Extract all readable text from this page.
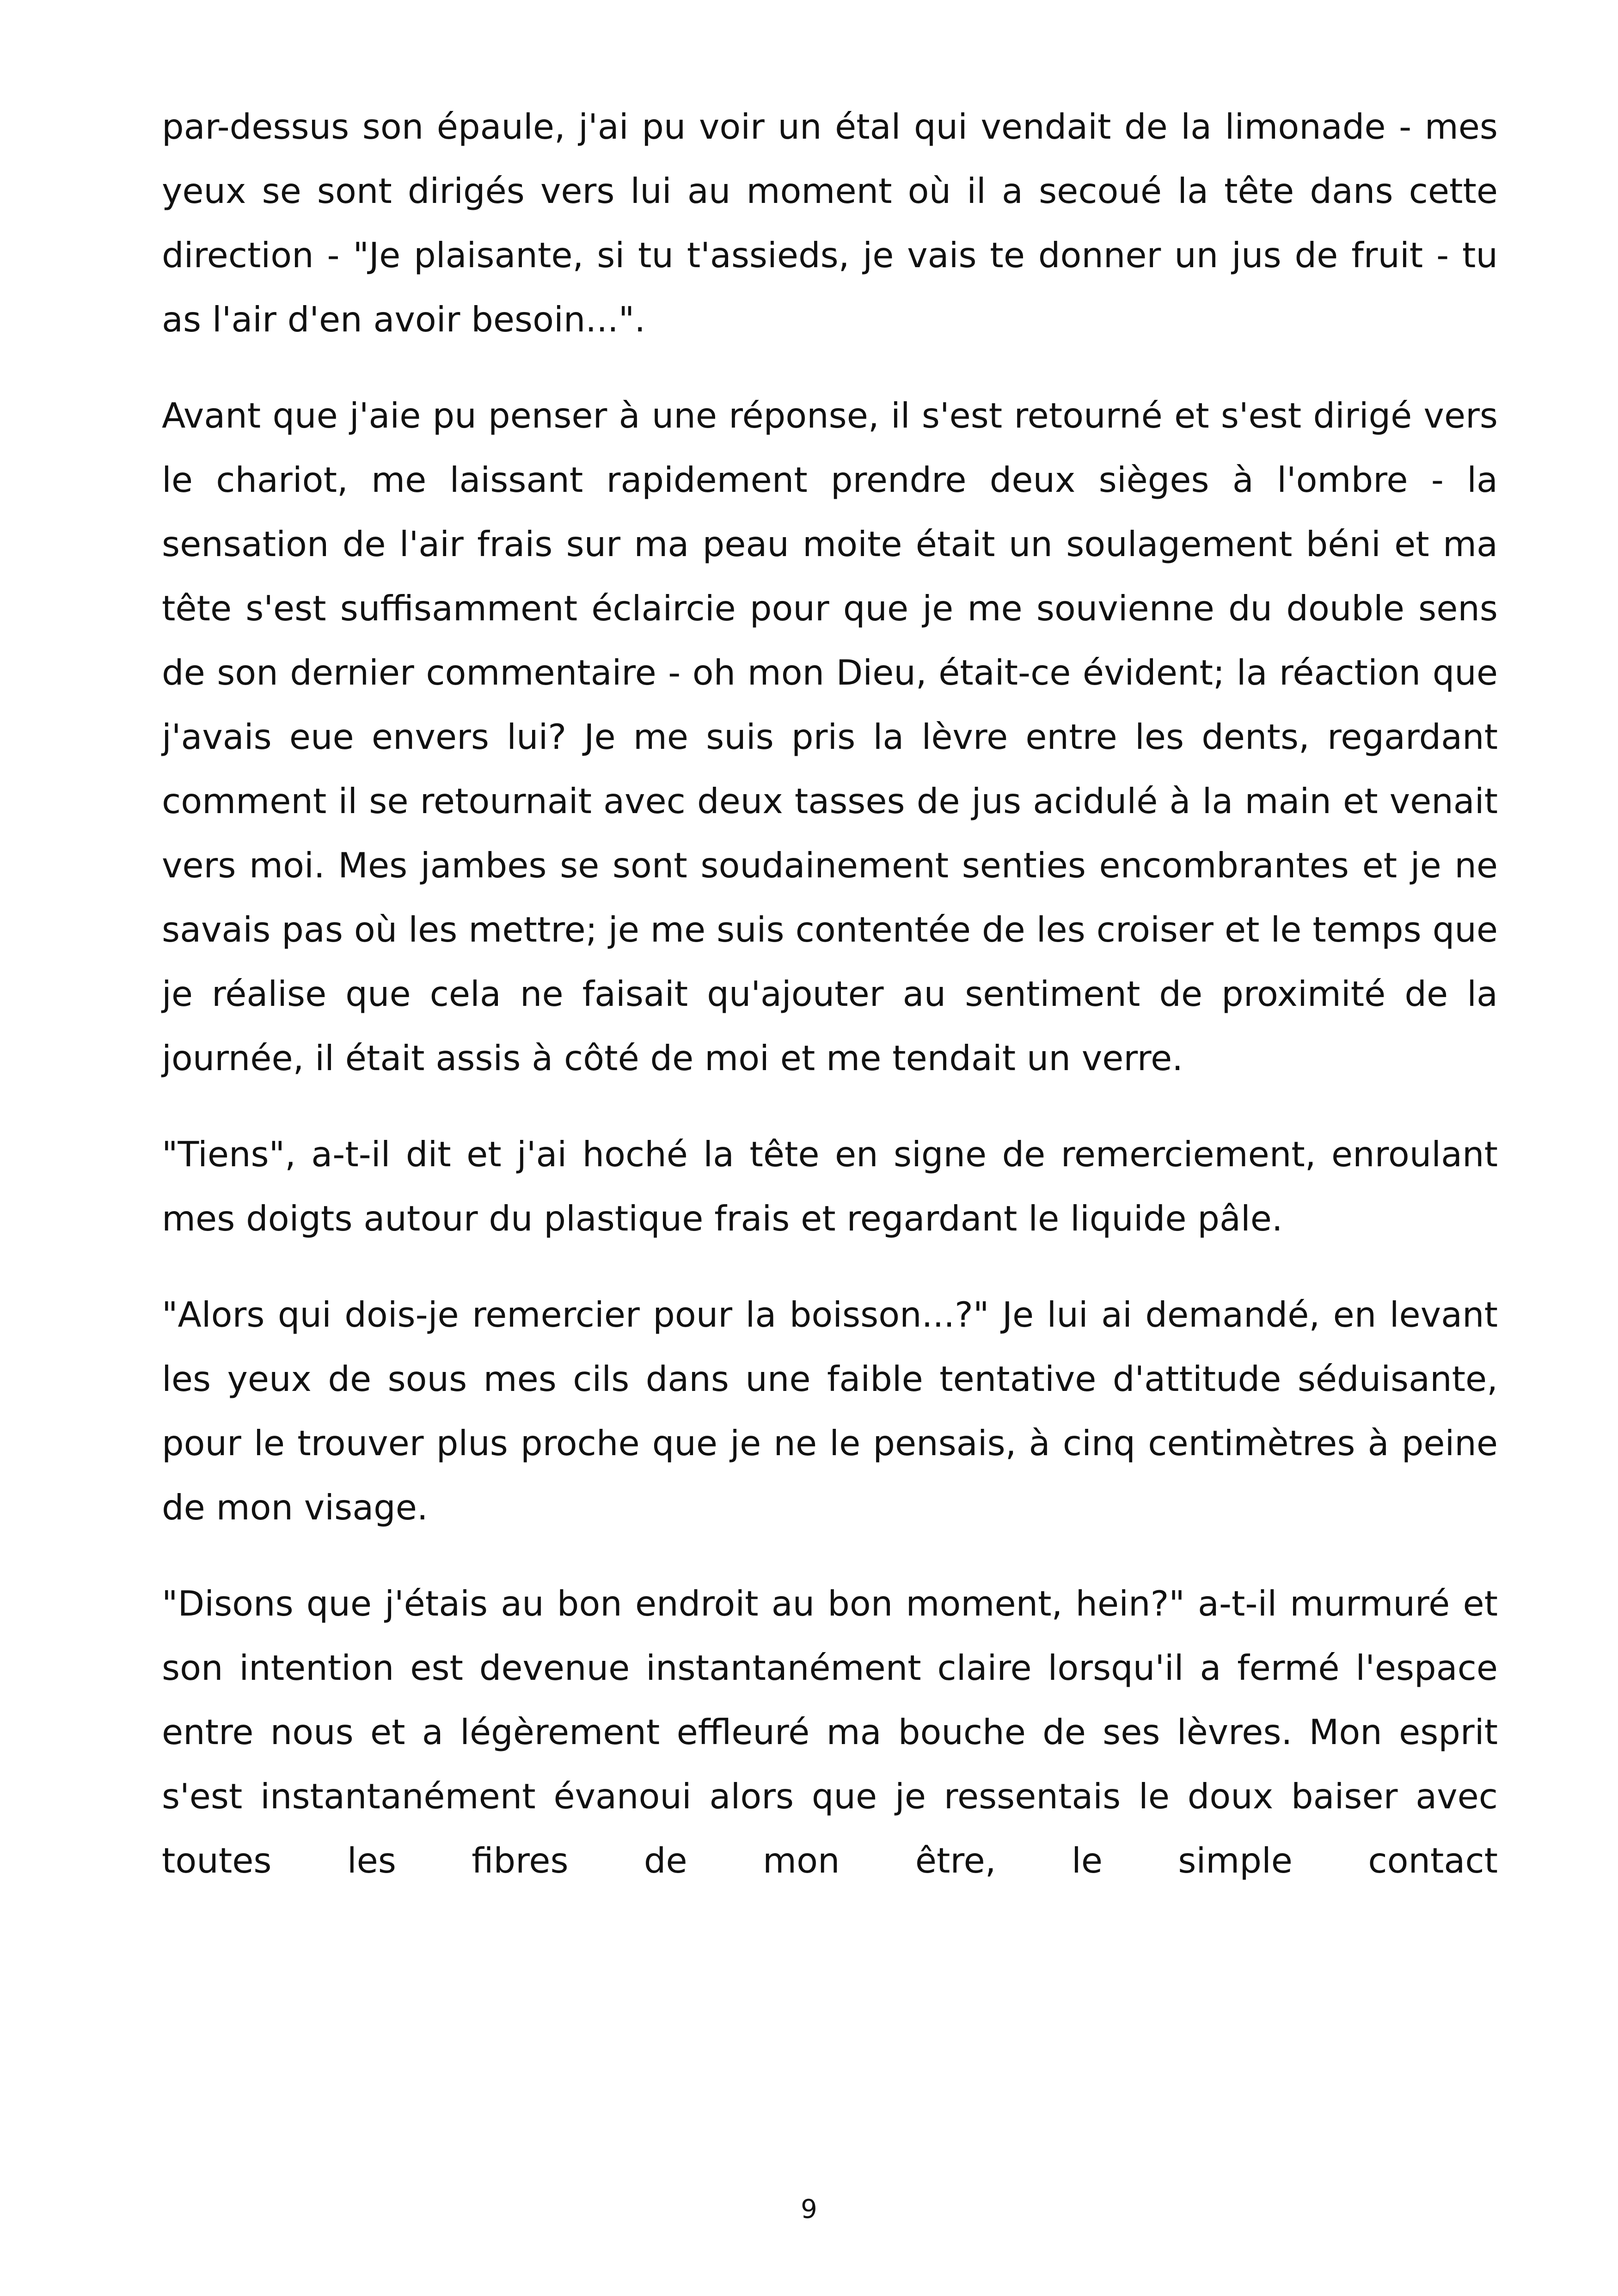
par-dessus son épaule, j'ai pu voir un étal qui vendait de la limonade - mes yeux se sont dirigés vers lui au moment où il a secoué la tête dans cette direction - "Je plaisante, si tu t'assieds, je vais te donner un jus de fruit - tu as l'air d'en avoir besoin...".

Avant que j'aie pu penser à une réponse, il s'est retourné et s'est dirigé vers le chariot, me laissant rapidement prendre deux sièges à l'ombre - la sensation de l'air frais sur ma peau moite était un soulagement béni et ma tête s'est suffisamment éclaircie pour que je me souvienne du double sens de son dernier commentaire - oh mon Dieu, était-ce évident; la réaction que j'avais eue envers lui? Je me suis pris la lèvre entre les dents, regardant comment il se retournait avec deux tasses de jus acidulé à la main et venait vers moi. Mes jambes se sont soudainement senties encombrantes et je ne savais pas où les mettre; je me suis contentée de les croiser et le temps que je réalise que cela ne faisait qu'ajouter au sentiment de proximité de la journée, il était assis à côté de moi et me tendait un verre.

"Tiens", a-t-il dit et j'ai hoché la tête en signe de remerciement, enroulant mes doigts autour du plastique frais et regardant le liquide pâle.

"Alors qui dois-je remercier pour la boisson...?" Je lui ai demandé, en levant les yeux de sous mes cils dans une faible tentative d'attitude séduisante, pour le trouver plus proche que je ne le pensais, à cinq centimètres à peine de mon visage.

"Disons que j'étais au bon endroit au bon moment, hein?" a-t-il murmuré et son intention est devenue instantanément claire lorsqu'il a fermé l'espace entre nous et a légèrement effleuré ma bouche de ses lèvres. Mon esprit s'est instantanément évanoui alors que je ressentais le doux baiser avec toutes les fibres de mon être, le simple contact

9
